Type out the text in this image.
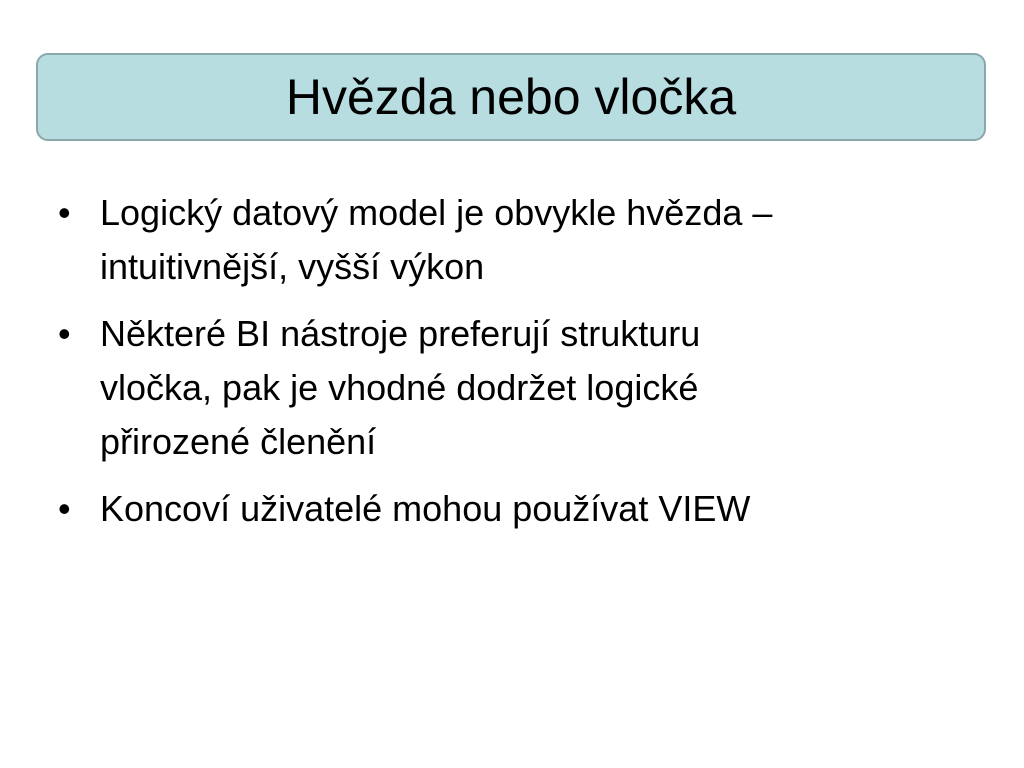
Hvězda nebo vločka
• Logický datový model je obvykle hvězda –
intuitivnější, vyšší výkon
• Některé BI nástroje preferují strukturu
vločka, pak je vhodné dodržet logické
přirozené členění
• Koncoví uživatelé mohou používat VIEW
